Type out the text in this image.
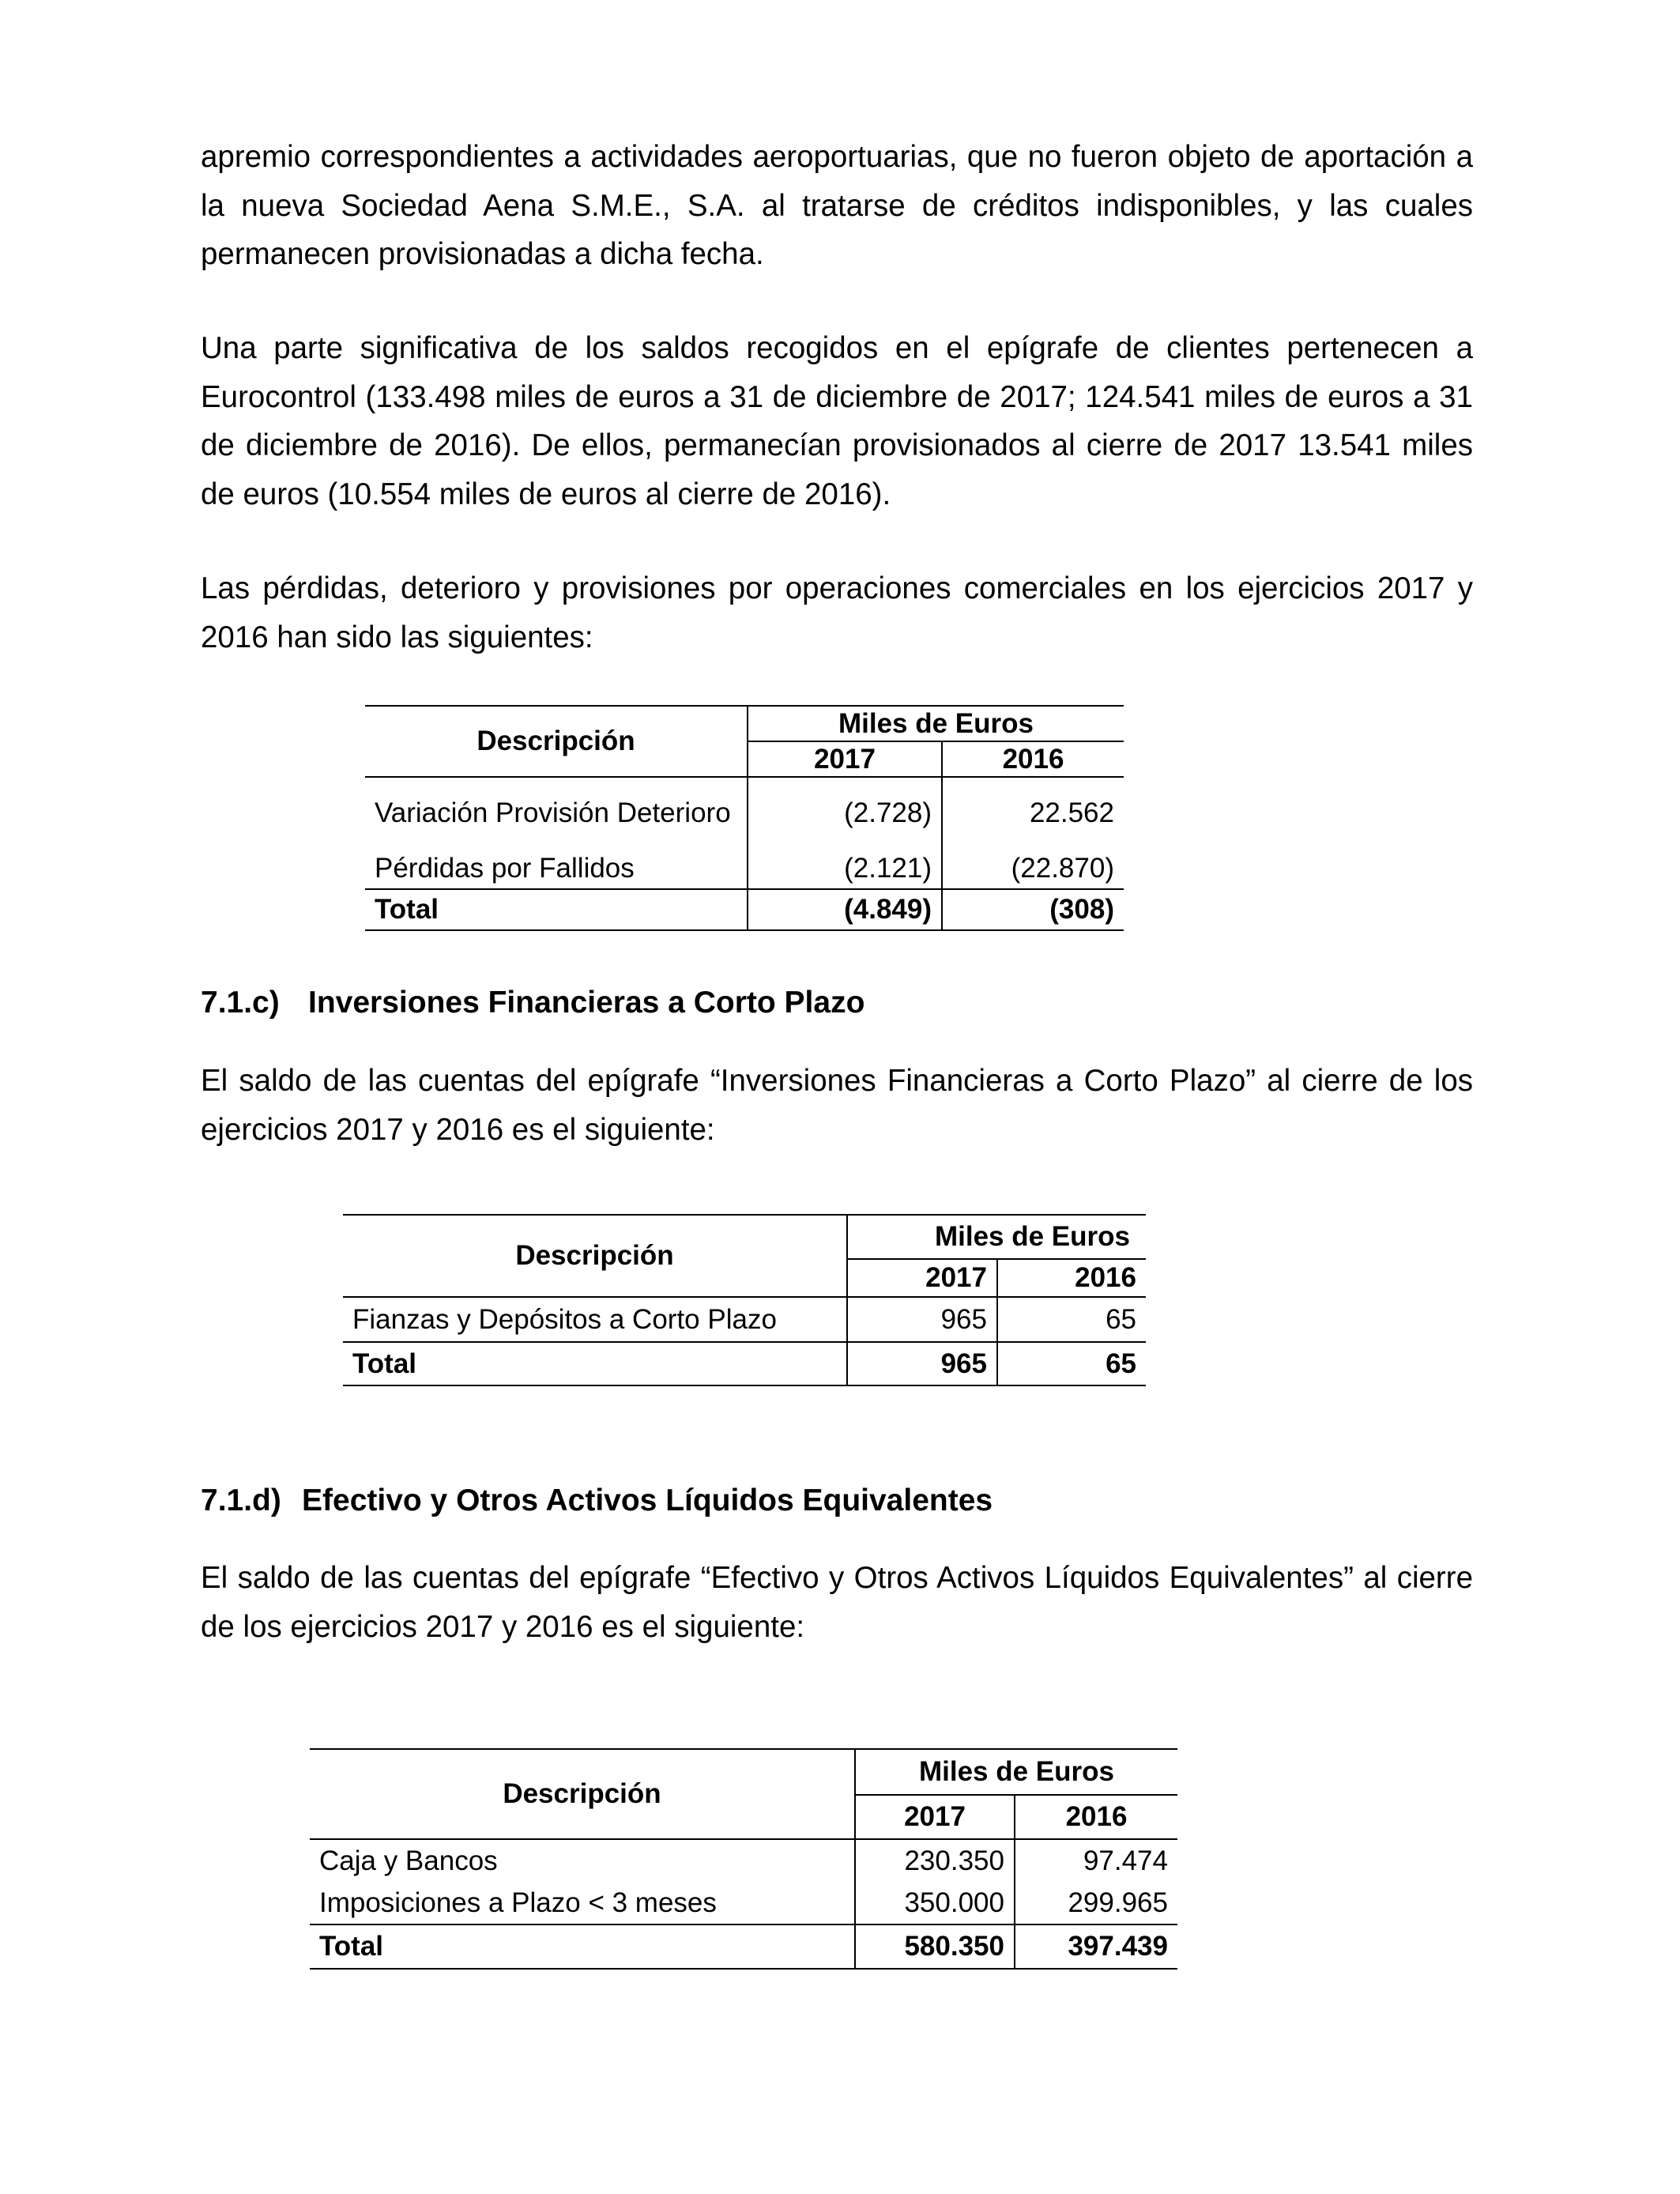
apremio correspondientes a actividades aeroportuarias, que no fueron objeto de aportación a la nueva Sociedad Aena S.M.E., S.A. al tratarse de créditos indisponibles, y las cuales permanecen provisionadas a dicha fecha.

Una parte significativa de los saldos recogidos en el epígrafe de clientes pertenecen a Eurocontrol (133.498 miles de euros a 31 de diciembre de 2017; 124.541 miles de euros a 31 de diciembre de 2016). De ellos, permanecían provisionados al cierre de 2017 13.541 miles de euros (10.554 miles de euros al cierre de 2016).

Las pérdidas, deterioro y provisiones por operaciones comerciales en los ejercicios 2017 y 2016 han sido las siguientes:

Descripción	Miles de Euros	
	2017	2016
Variación Provisión Deterioro	(2.728)	22.562
Pérdidas por Fallidos	(2.121)	(22.870)
Total	(4.849)	(308)
7.1.c) Inversiones Financieras a Corto Plazo

El saldo de las cuentas del epígrafe “Inversiones Financieras a Corto Plazo” al cierre de los ejercicios 2017 y 2016 es el siguiente:

Descripción	Miles de Euros	
	2017	2016
Fianzas y Depósitos a Corto Plazo	965	65
Total	965	65
7.1.d) Efectivo y Otros Activos Líquidos Equivalentes

El saldo de las cuentas del epígrafe “Efectivo y Otros Activos Líquidos Equivalentes” al cierre de los ejercicios 2017 y 2016 es el siguiente:

Descripción	Miles de Euros	
	2017	2016
Caja y Bancos	230.350	97.474
Imposiciones a Plazo < 3 meses	350.000	299.965
Total	580.350	397.439
